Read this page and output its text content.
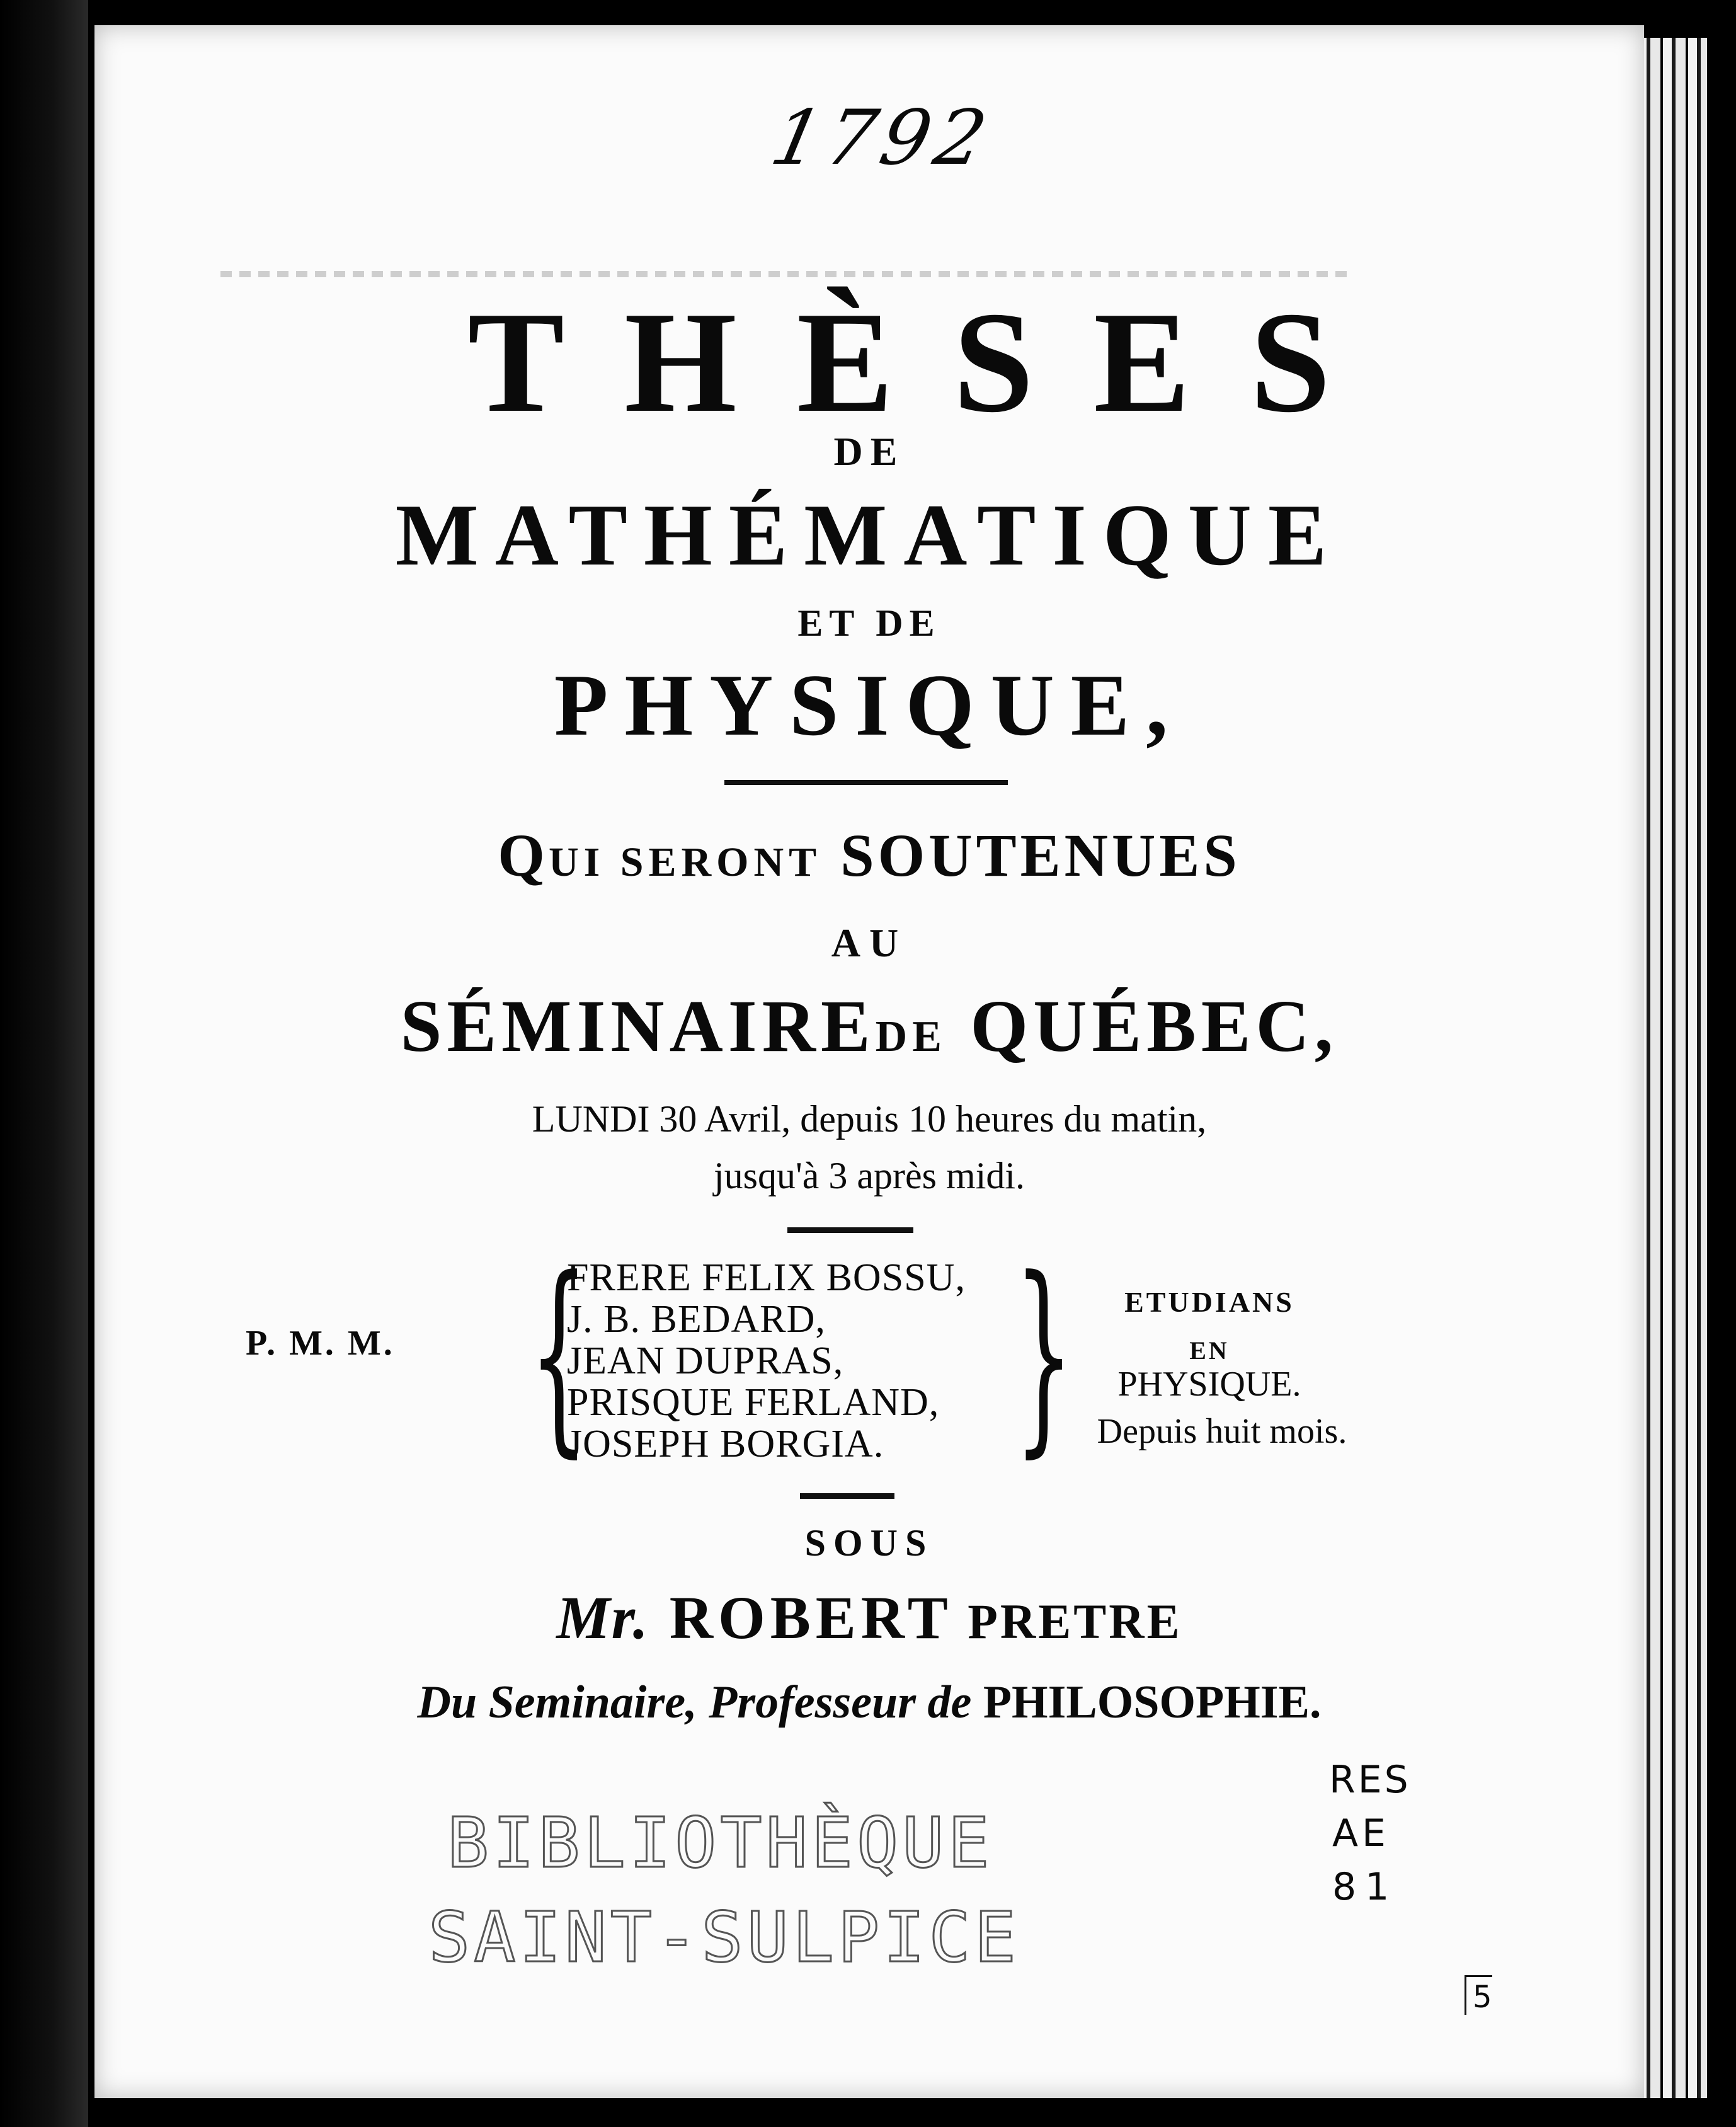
1792
THÈSES
DE
MATHÉMATIQUE
ET DE
PHYSIQUE,
QUI SERONT SOUTENUES
AU
SÉMINAIREDE QUÉBEC,
LUNDI 30 Avril, depuis 10 heures du matin,
jusqu'à 3 après midi.
P. M. M. {
FRERE FELIX BOSSU,
J. B. BEDARD,
JEAN DUPRAS,
PRISQUE FERLAND,
JOSEPH BORGIA. }	ETUDIANS
EN
PHYSIQUE.
Depuis huit mois.
SOUS
Mr. ROBERT PRETRE
Du Seminaire, Professeur de PHILOSOPHIE.
BIBLIOTHÈQUE
SAINT-SULPICE
RES
AE
81
5
